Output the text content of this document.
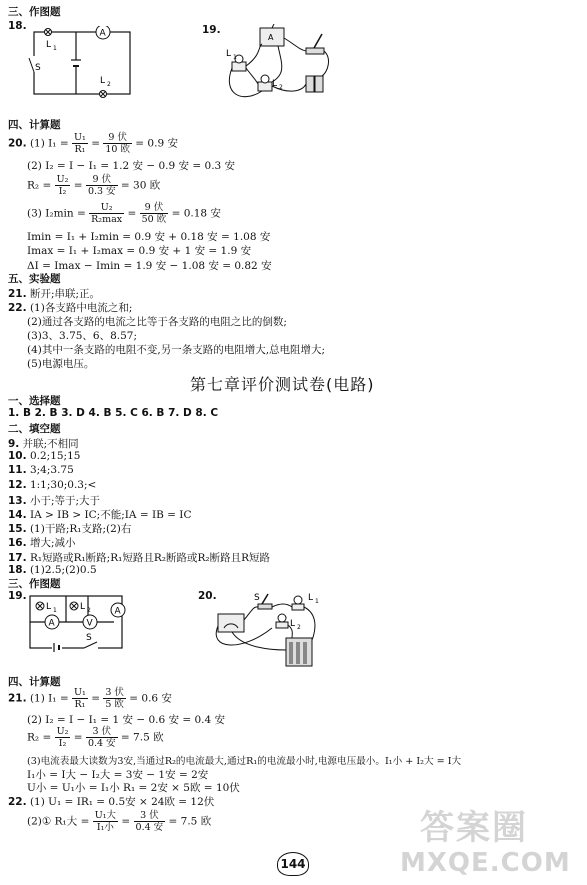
三、作图题
18.
L 1
A
S
L 2
19.
A
L 1
L 2
四、计算题
20. (1) $I_1 = \frac{\text{U₁}}{\text{R₁}} = \frac{\text{9 伏}}{\text{10 欧}} = 0.9$ 安
(2) I₂ = I − I₁ = 1.2 安 − 0.9 安 = 0.3 安
$R_2 = \frac{\text{U₂}}{\text{I₂}} = \frac{\text{9 伏}}{\text{0.3 安}} = 30$ 欧
(3) $I_2\min = \frac{\text{U₂}}{\text{R₂max}} = \frac{\text{9 伏}}{\text{50 欧}} = 0.18$ 安
Imin = I₁ + I₂min = 0.9 安 + 0.18 安 = 1.08 安
Imax = I₁ + I₂max = 0.9 安 + 1 安 = 1.9 安
ΔI = Imax − Imin = 1.9 安 − 1.08 安 = 0.82 安
五、实验题
21. 断开;串联;正。
22. (1)各支路中电流之和;
(2)通过各支路的电流之比等于各支路的电阻之比的倒数;
(3)3、3.75、6、8.57;
(4)其中一条支路的电阻不变,另一条支路的电阻增大,总电阻增大;
(5)电源电压。
第七章评价测试卷(电路)
一、选择题
1. B 2. B 3. D 4. B 5. C 6. B 7. D 8. C
二、填空题
9. 并联;不相同
10. 0.2;15;15
11. 3;4;3.75
12. 1:1;30;0.3;<
13. 小于;等于;大于
14. IA > IB > IC;不能;IA = IB = IC
15. (1)干路;R₁支路;(2)右
16. 增大;减小
17. R₁短路或R₁断路;R₁短路且R₂断路或R₂断路且R短路
18. (1)2.5;(2)0.5
三、作图题
19.
L 1	L 2	A
A	V
S
20.	S	L 1
L 2
四、计算题
21. (1) $I_1 = \frac{\text{U₁}}{\text{R₁}} = \frac{\text{3 伏}}{\text{5 欧}} = 0.6$ 安
(2) I₂ = I − I₁ = 1 安 − 0.6 安 = 0.4 安
$R_2 = \frac{\text{U₂}}{\text{I₂}} = \frac{\text{3 伏}}{\text{0.4 安}} = 7.5$ 欧
(3)电流表最大读数为3安,当通过R₂的电流最大,通过R₁的电流最小时,电源电压最小。I₁小 + I₂大 = I大
I₁小 = I大 − I₂大 = 3安 − 1安 = 2安
U小 = U₁小 = I₁小 R₁ = 2安 × 5欧 = 10伏
22. (1) U₁ = IR₁ = 0.5安 × 24欧 = 12伏
(2)① R₁大 = $\frac{\text{U₁大}}{\text{I₁小}} = \frac{\text{3 伏}}{\text{0.4 安}} = 7.5$ 欧
144
答案圈
MXQE.COM
